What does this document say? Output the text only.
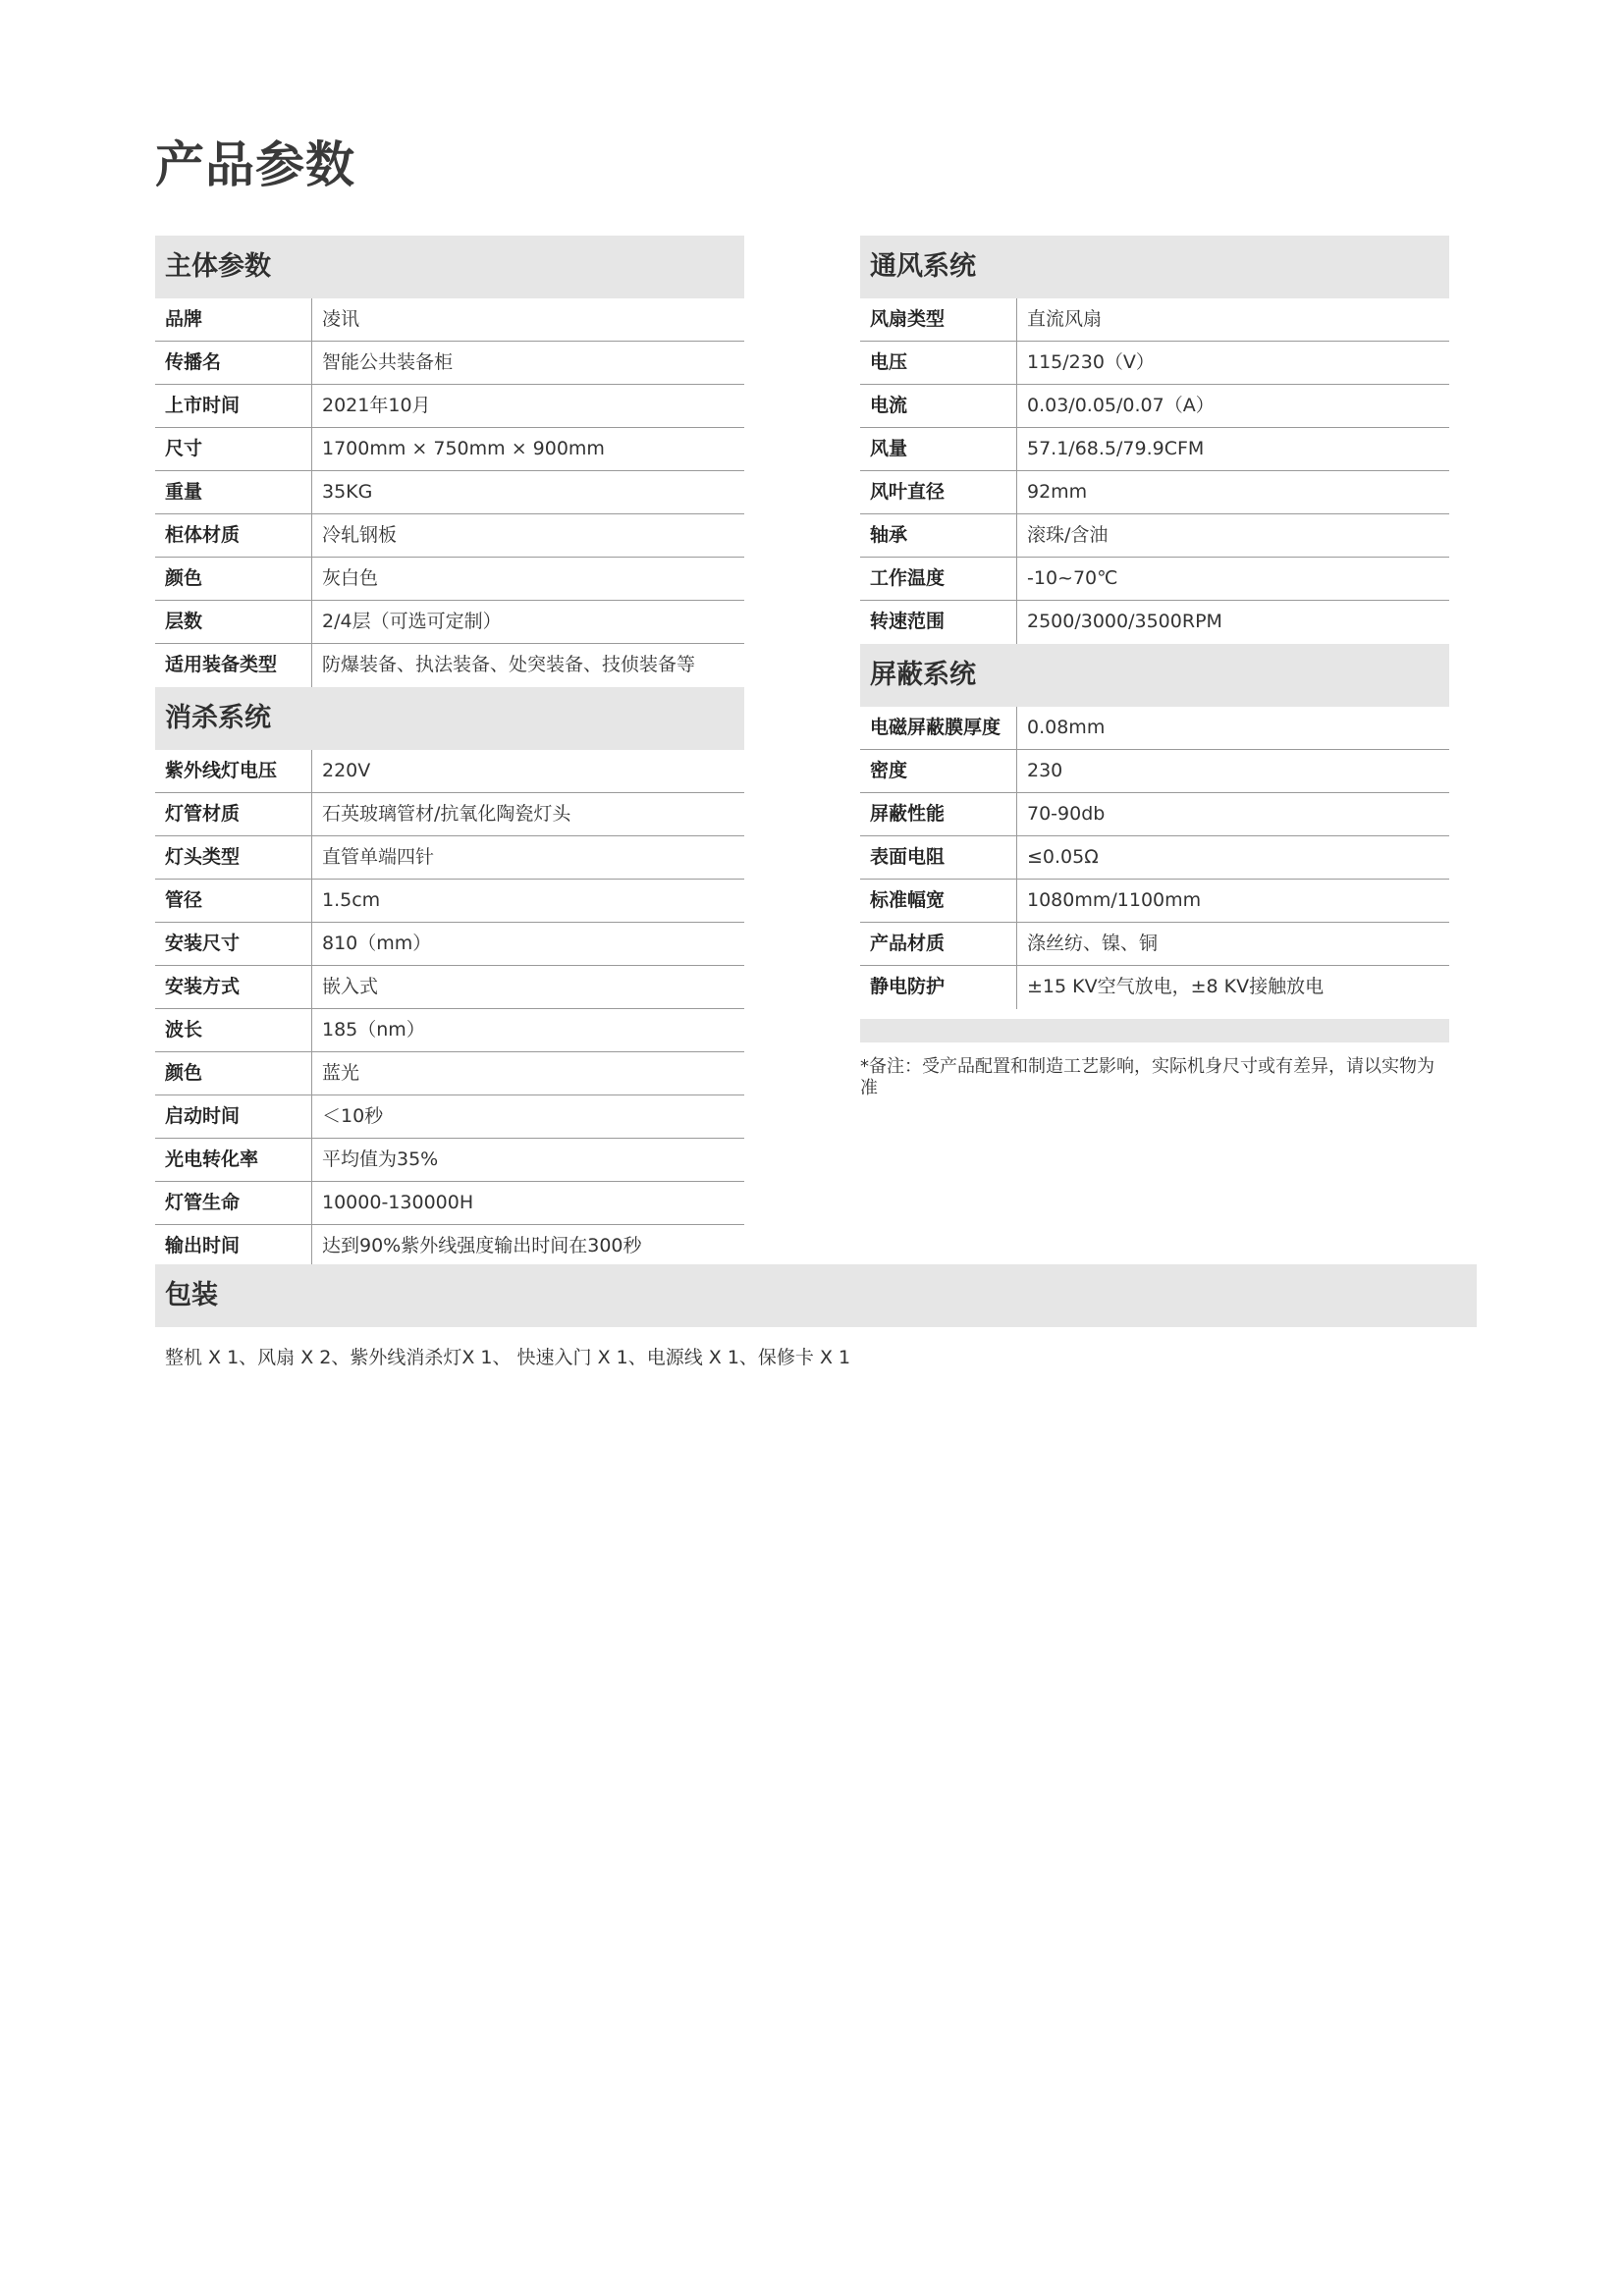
产品参数
主体参数
品牌	凌讯
传播名	智能公共装备柜
上市时间	2021年10月
尺寸	1700mm × 750mm × 900mm
重量	35KG
柜体材质	冷轧钢板
颜色	灰白色
层数	2/4层（可选可定制）
适用装备类型	防爆装备、执法装备、处突装备、技侦装备等
消杀系统
紫外线灯电压	220V
灯管材质	石英玻璃管材/抗氧化陶瓷灯头
灯头类型	直管单端四针
管径	1.5cm
安装尺寸	810（mm）
安装方式	嵌入式
波长	185（nm）
颜色	蓝光
启动时间	＜10秒
光电转化率	平均值为35%
灯管生命	10000-130000H
输出时间	达到90%紫外线强度输出时间在300秒
通风系统
风扇类型	直流风扇
电压	115/230（V）
电流	0.03/0.05/0.07（A）
风量	57.1/68.5/79.9CFM
风叶直径	92mm
轴承	滚珠/含油
工作温度	-10~70℃
转速范围	2500/3000/3500RPM
屏蔽系统
电磁屏蔽膜厚度	0.08mm
密度	230
屏蔽性能	70-90db
表面电阻	≤0.05Ω
标准幅宽	1080mm/1100mm
产品材质	涤丝纺、镍、铜
静电防护	±15 KV空气放电，±8 KV接触放电
*备注：受产品配置和制造工艺影响，实际机身尺寸或有差异，请以实物为准
包装
整机 X 1、风扇 X 2、紫外线消杀灯X 1、 快速入门 X 1、电源线 X 1、保修卡 X 1
